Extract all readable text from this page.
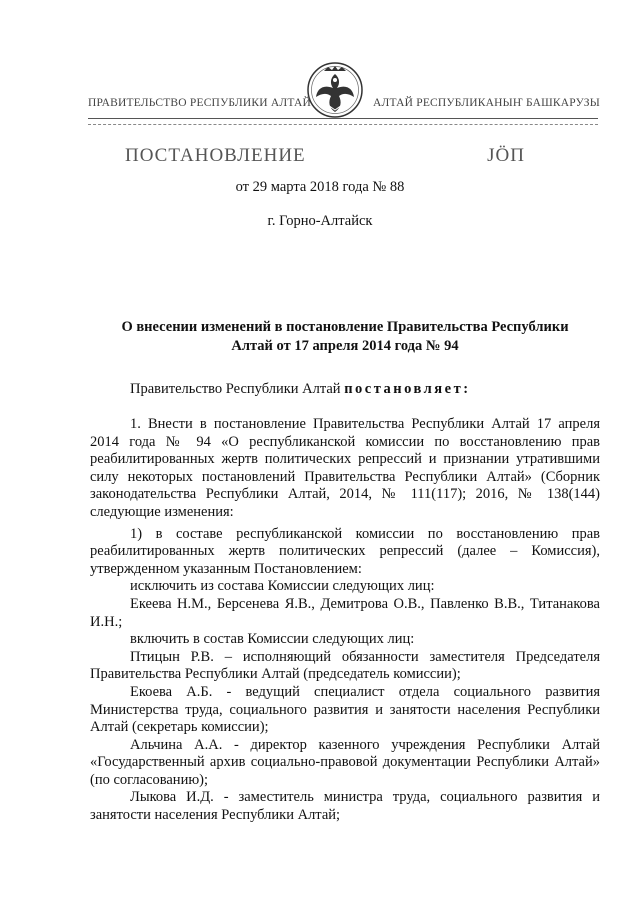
ПРАВИТЕЛЬСТВО РЕСПУБЛИКИ АЛТАЙ	АЛТАЙ РЕСПУБЛИКАНЫҤ БАШКАРУЗЫ
ПОСТАНОВЛЕНИЕ	ЈӦП
от 29 марта 2018 года № 88
г. Горно-Алтайск
О внесении изменений в постановление Правительства Республики
Алтай от 17 апреля 2014 года № 94
Правительство Республики Алтай постановляет:

1. Внести в постановление Правительства Республики Алтай 17 апреля 2014 года № 94 «О республиканской комиссии по восстановлению прав реабилитированных жертв политических репрессий и признании утратившими силу некоторых постановлений Правительства Республики Алтай» (Сборник законодательства Республики Алтай, 2014, № 111(117); 2016, № 138(144) следующие изменения:

1) в составе республиканской комиссии по восстановлению прав реабилитированных жертв политических репрессий (далее – Комиссия), утвержденном указанным Постановлением:

исключить из состава Комиссии следующих лиц:

Екеева Н.М., Берсенева Я.В., Демитрова О.В., Павленко В.В., Титанакова И.Н.;

включить в состав Комиссии следующих лиц:

Птицын Р.В. – исполняющий обязанности заместителя Председателя Правительства Республики Алтай (председатель комиссии);

Екоева А.Б. - ведущий специалист отдела социального развития Министерства труда, социального развития и занятости населения Республики Алтай (секретарь комиссии);

Альчина А.А. - директор казенного учреждения Республики Алтай «Государственный архив социально-правовой документации Республики Алтай» (по согласованию);

Лыкова И.Д. - заместитель министра труда, социального развития и занятости населения Республики Алтай;
